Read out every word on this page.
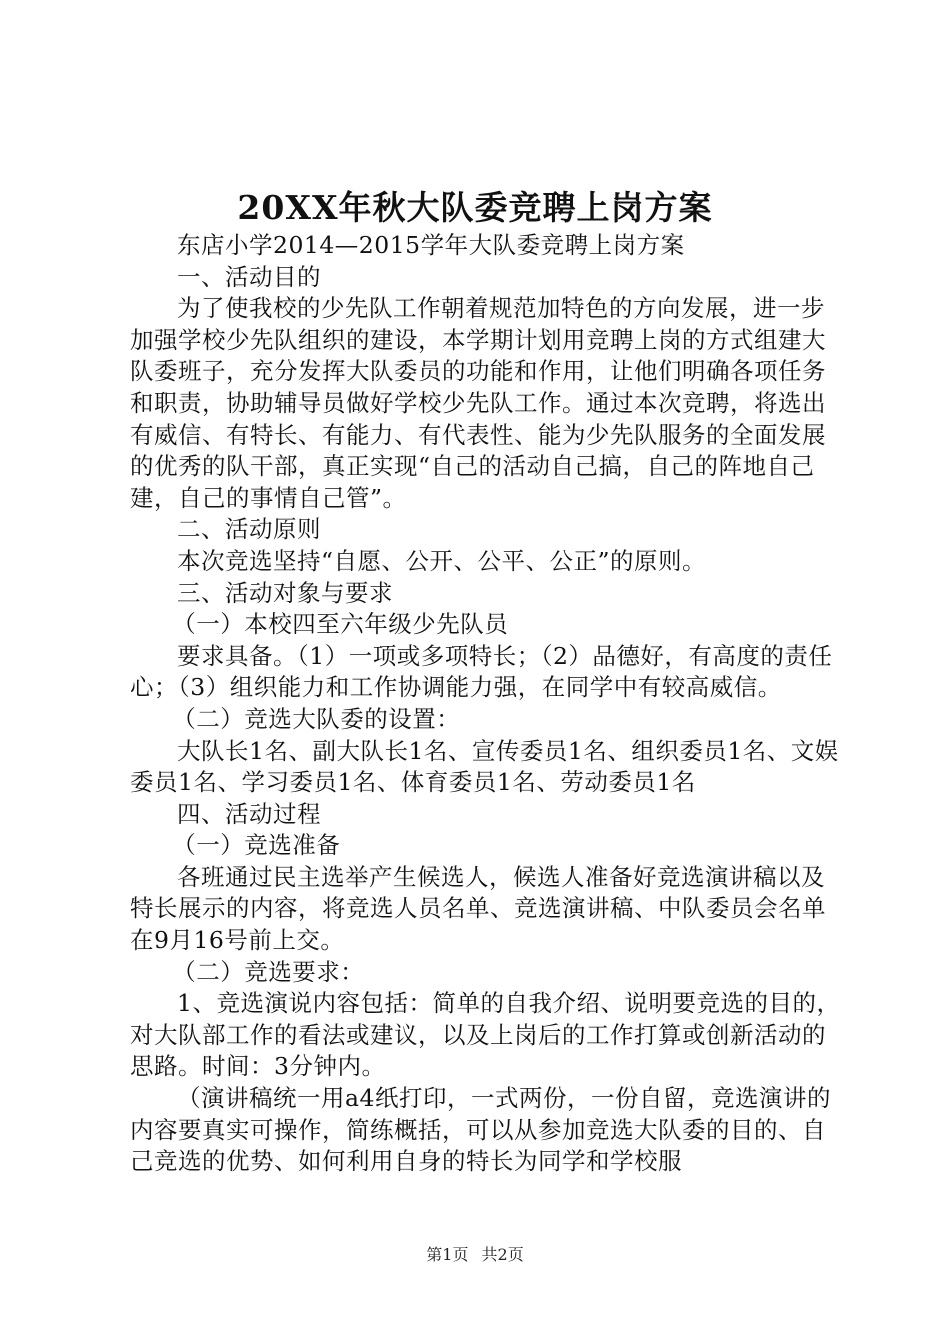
20XX年秋大队委竞聘上岗方案

东店小学2014—2015学年大队委竞聘上岗方案

一、活动目的

为了使我校的少先队工作朝着规范加特色的方向发展，进一步加强学校少先队组织的建设，本学期计划用竞聘上岗的方式组建大队委班子，充分发挥大队委员的功能和作用，让他们明确各项任务和职责，协助辅导员做好学校少先队工作。通过本次竞聘，将选出有威信、有特长、有能力、有代表性、能为少先队服务的全面发展的优秀的队干部，真正实现“自己的活动自己搞，自己的阵地自己建，自己的事情自己管”。

二、活动原则

本次竞选坚持“自愿、公开、公平、公正”的原则。

三、活动对象与要求

（一）本校四至六年级少先队员

要求具备。（1）一项或多项特长；（2）品德好，有高度的责任心；（3）组织能力和工作协调能力强，在同学中有较高威信。

（二）竞选大队委的设置：

大队长1名、副大队长1名、宣传委员1名、组织委员1名、文娱委员1名、学习委员1名、体育委员1名、劳动委员1名

四、活动过程

（一）竞选准备

各班通过民主选举产生候选人，候选人准备好竞选演讲稿以及特长展示的内容，将竞选人员名单、竞选演讲稿、中队委员会名单在9月16号前上交。

（二）竞选要求：

1、竞选演说内容包括：简单的自我介绍、说明要竞选的目的，对大队部工作的看法或建议，以及上岗后的工作打算或创新活动的思路。时间：3分钟内。

（演讲稿统一用a4纸打印，一式两份，一份自留，竞选演讲的内容要真实可操作，简练概括，可以从参加竞选大队委的目的、自己竞选的优势、如何利用自身的特长为同学和学校服

第1页 共2页
